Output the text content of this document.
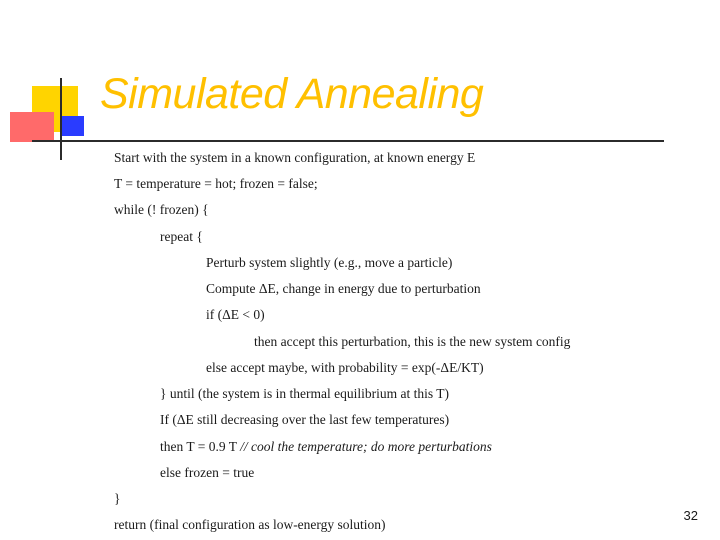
Simulated Annealing
Start with the system in a known configuration, at known energy E
T = temperature = hot; frozen = false;
while (! frozen) {
repeat {
Perturb system slightly (e.g., move a particle)
Compute ΔE, change in energy due to perturbation
if (ΔE < 0)
then accept this perturbation, this is the new system config
else accept maybe, with probability = exp(-ΔE/KT)
} until (the system is in thermal equilibrium at this T)
If (ΔE still decreasing over the last few temperatures)
then T = 0.9 T // cool the temperature; do more perturbations
else frozen = true
}
return (final configuration as low-energy solution)
32
